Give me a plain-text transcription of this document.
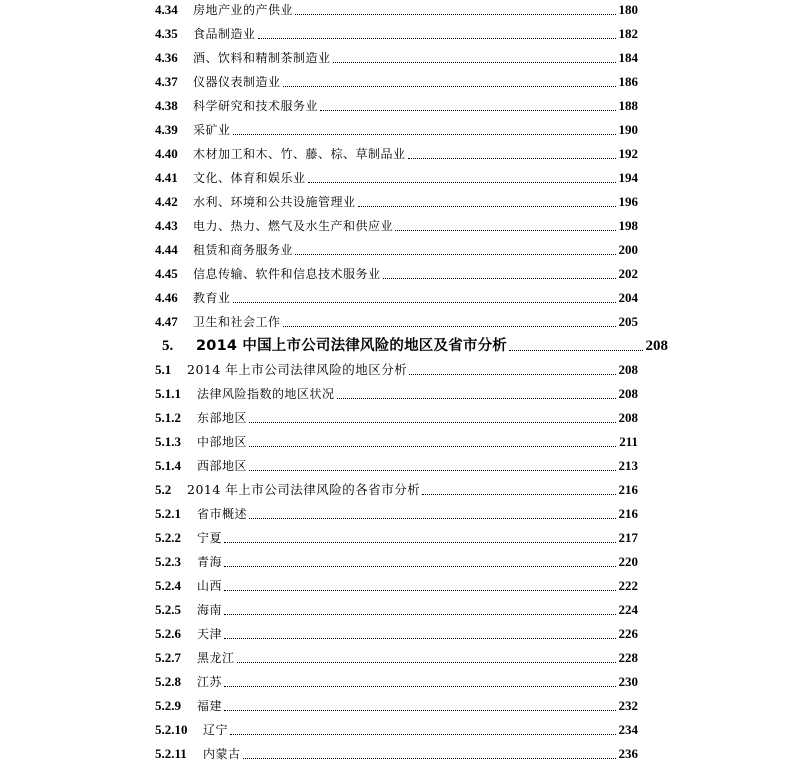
4.34	房地产业的产供业	180
4.35	食品制造业	182
4.36	酒、饮料和精制茶制造业	184
4.37	仪器仪表制造业	186
4.38	科学研究和技术服务业	188
4.39	采矿业	190
4.40	木材加工和木、竹、藤、棕、草制品业	192
4.41	文化、体育和娱乐业	194
4.42	水利、环境和公共设施管理业	196
4.43	电力、热力、燃气及水生产和供应业	198
4.44	租赁和商务服务业	200
4.45	信息传输、软件和信息技术服务业	202
4.46	教育业	204
4.47	卫生和社会工作	205
5.	2014 中国上市公司法律风险的地区及省市分析	208
5.1	2014 年上市公司法律风险的地区分析	208
5.1.1	法律风险指数的地区状况	208
5.1.2	东部地区	208
5.1.3	中部地区	211
5.1.4	西部地区	213
5.2	2014 年上市公司法律风险的各省市分析	216
5.2.1	省市概述	216
5.2.2	宁夏	217
5.2.3	青海	220
5.2.4	山西	222
5.2.5	海南	224
5.2.6	天津	226
5.2.7	黑龙江	228
5.2.8	江苏	230
5.2.9	福建	232
5.2.10	辽宁	234
5.2.11	内蒙古	236
